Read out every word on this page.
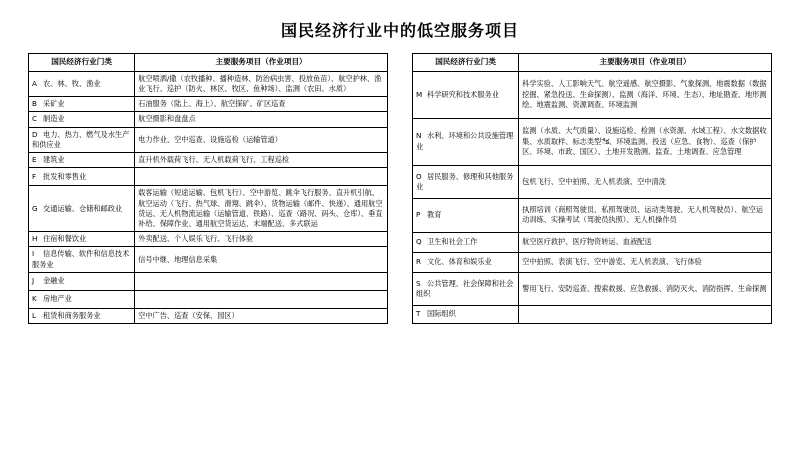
国民经济行业中的低空服务项目
国民经济行业门类	主要服务项目（作业项目）
A 农、林、牧、渔业	航空喷洒/撒（农牧播种、播种造林、防治病虫害、投放鱼苗）、航空护林、渔业飞行、巡护（防火、林区、牧区、鱼种场）、监测（农田、水质）
B 采矿业	石油服务（陆上、海上）、航空探矿、矿区巡查
C 制造业	航空摄影和盘盘点
D 电力、热力、燃气及水生产和供应业	电力作业、空中巡查、设施巡检（运输管道）
E 建筑业	直升机外载荷飞行、无人机载荷飞行、工程巡检
F 批发和零售业	
G 交通运输、仓储和邮政业	载客运输（短途运输、包机飞行）、空中游览、跳伞飞行服务、直升机引航、航空运动（飞行、热气球、滑翔、跳伞）、货物运输（邮件、快递）、通用航空货运、无人机物流运输（运输管道、铁路）、巡查（路况、码头、仓库）、垂直补给、保障作业、通用航空货运达、末端配送、多式联运
H 住宿和餐饮业	外卖配送、个人娱乐飞行、飞行体验
I 信息传输、软件和信息技术服务业	信号中继、地理信息采集
J 金融业	
K 房地产业	
L 租赁和商务服务业	空中广告、巡查（安保、园区）
国民经济行业门类	主要服务项目（作业项目）
M 科学研究和技术服务业	科学实验、人工影响天气、航空遥感、航空摄影、气象探测、地震数据（数据挖掘、紧急投送、生命探测）、监测（海洋、环境、生态）、地址勘查、地形测绘、地震监测、资源调查、环境监测
N 水利、环境和公共设施管理业	监测（水质、大气质量）、设施巡检、检测（水资源、水域工程）、水文数据收集、水质取样、标志类型ేక、环境监测、投送（应急、食物）、巡查（保护区、环境、市政、国区）、土地开发勘测、监查、土地调查、应急管理
O 居民服务、修理和其他服务业	包机飞行、空中拍照、无人机表演、空中清洗
P 教育	执照培训（商照驾驶员、私照驾驶员、运动类驾驶、无人机驾驶员）、航空运动训练、实操考试（驾驶员执照）、无人机操作员
Q 卫生和社会工作	航空医疗救护、医疗物资转运、血液配送
R 文化、体育和娱乐业	空中拍照、表演飞行、空中游览、无人机表演、飞行体验
S 公共管理、社会保障和社会组织	警用飞行、安防巡查、搜索救援、应急救援、消防灭火、消防指挥、生命探测
T 国际组织	
